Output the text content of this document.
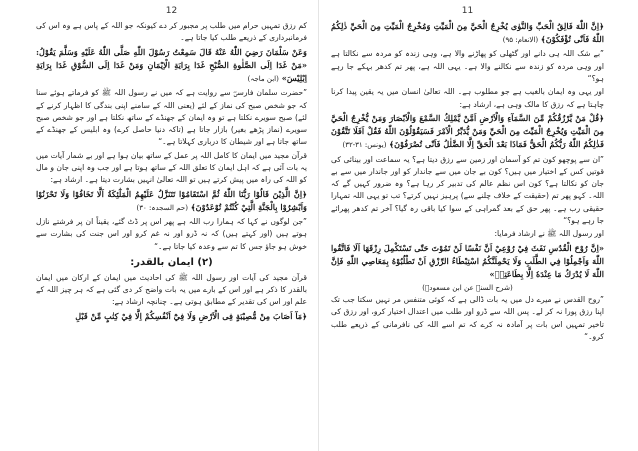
12
کم رزق تمہیں حرام میں طلب پر مجبور کر دے کیونکہ جو اللہ کے پاس ہے وہ اس کی فرمانبرداری کے ذریعے طلب کیا جاتا ہے۔
وَعَنْ سَلْمَانَ رَضِيَ اللّٰهُ عَنْهُ قَالَ سَمِعْتُ رَسُوْلَ اللّٰهِ صَلَّى اللّٰهُ عَلَيْهِ وَسَلَّمَ يَقُوْلُ: «مَنْ غَدَا اِلَى الصَّلٰوةِ الصُّبْحِ غَدَا بِرَايَةِ الْاِيْمَانِ وَمَنْ غَدَا اِلَى السُّوْقِ غَدَا بِرَايَةِ اِبْلِيْسَ» (ابن ماجہ)
”حضرت سلمان فارسیؓ سے روایت ہے کہ میں نے رسول اللہ ﷺ کو فرماتے ہوئے سنا کہ جو شخص صبح کی نماز کے لئے (یعنی اللہ کے سامنے اپنی بندگی کا اظہار کرنے کے لئے) صبح سویرے نکلتا ہے تو وہ ایمان کے جھنڈے کے ساتھ نکلتا ہے اور جو شخص صبح سویرے (نماز پڑھے بغیر) بازار جاتا ہے (تاکہ دنیا حاصل کرے) وہ ابلیس کے جھنڈے کے ساتھ جاتا ہے اور شیطان کا درباری کہلاتا ہے۔“
قرآن مجید میں ایمان کا کامل اللہ پر عمل کے ساتھ بیان ہوا ہے اور بے شمار آیات میں یہ بات آئی ہے کہ اہل ایمان کا تعلق اللہ کے ساتھ ہوتا ہے اور جب وہ اپنی جان و مال کو اللہ کی راہ میں پیش کرتے ہیں تو اللہ تعالیٰ انہیں بشارت دیتا ہے۔ ارشاد ہے:
﴿اِنَّ الَّذِيْنَ قَالُوْا رَبُّنَا اللّٰهُ ثُمَّ اسْتَقَامُوْا تَتَنَزَّلُ عَلَيْهِمُ الْمَلٰٓئِكَةُ اَلَّا تَخَافُوْا وَلَا تَحْزَنُوْا وَاَبْشِرُوْا بِالْجَنَّةِ الَّتِيْ كُنْتُمْ تُوْعَدُوْنَ﴾ (حم السجدہ: ۳۰)
”جن لوگوں نے کہا کہ ہمارا رب اللہ ہے پھر اس پر ڈٹ گئے، یقیناً ان پر فرشتے نازل ہوتے ہیں (اور کہتے ہیں) کہ نہ ڈرو اور نہ غم کرو اور اس جنت کی بشارت سے خوش ہو جاؤ جس کا تم سے وعدہ کیا جاتا ہے۔“
(۲) ایمان بالقدر:
قرآن مجید کی آیات اور رسول اللہ ﷺ کی احادیث میں ایمان کے ارکان میں ایمان بالقدر کا ذکر ہے اور اس کے بارے میں یہ بات واضح کر دی گئی ہے کہ ہر چیز اللہ کے علم اور اس کی تقدیر کے مطابق ہوتی ہے۔ چنانچہ ارشاد ہے:
﴿مَآ اَصَابَ مِنْ مُّصِيْبَةٍ فِى الْاَرْضِ وَلَا فِيْٓ اَنْفُسِكُمْ اِلَّا فِيْ كِتٰبٍ مِّنْ قَبْلِ
11
﴿اِنَّ اللّٰهَ فَالِقُ الْحَبِّ وَالنَّوٰى يُخْرِجُ الْحَيَّ مِنَ الْمَيِّتِ وَمُخْرِجُ الْمَيِّتِ مِنَ الْحَيِّ ذٰلِكُمُ اللّٰهُ فَاَنّٰى تُؤْفَكُوْنَ﴾ (الانعام: ۹۵)
”بے شک اللہ ہی دانے اور گٹھلی کو پھاڑنے والا ہے، وہی زندہ کو مردہ سے نکالتا ہے اور وہی مردہ کو زندہ سے نکالنے والا ہے۔ یہی اللہ ہے، پھر تم کدھر بہکے جا رہے ہو؟“
اور یہی وہ ایمان بالغیب ہے جو مطلوب ہے۔ اللہ تعالیٰ انسان میں یہ یقین پیدا کرنا چاہتا ہے کہ رزق کا مالک وہی ہے، ارشاد ہے:
﴿قُلْ مَنْ يَّرْزُقُكُمْ مِّنَ السَّمَآءِ وَالْاَرْضِ اَمَّنْ يَّمْلِكُ السَّمْعَ وَالْاَبْصَارَ وَمَنْ يُّخْرِجُ الْحَيَّ مِنَ الْمَيِّتِ وَيُخْرِجُ الْمَيِّتَ مِنَ الْحَيِّ وَمَنْ يُّدَبِّرُ الْاَمْرَ فَسَيَقُوْلُوْنَ اللّٰهُ فَقُلْ اَفَلَا تَتَّقُوْنَ فَذٰلِكُمُ اللّٰهُ رَبُّكُمُ الْحَقُّ فَمَاذَا بَعْدَ الْحَقِّ اِلَّا الضَّلٰلُ فَاَنّٰى تُصْرَفُوْنَ﴾ (یونس: ۳۱-۳۲)
”ان سے پوچھو کون تم کو آسمان اور زمین سے رزق دیتا ہے؟ یہ سماعت اور بینائی کی قوتیں کس کے اختیار میں ہیں؟ کون بے جان میں سے جاندار کو اور جاندار میں سے بے جان کو نکالتا ہے؟ کون اس نظم عالم کی تدبیر کر رہا ہے؟ وہ ضرور کہیں گے کہ اللہ۔ کہو پھر تم (حقیقت کے خلاف چلنے سے) پرہیز نہیں کرتے؟ تب تو یہی اللہ تمہارا حقیقی رب ہے۔ پھر حق کے بعد گمراہی کے سوا کیا باقی رہ گیا؟ آخر تم کدھر پھرائے جا رہے ہو؟“
اور رسول اللہ ﷺ نے ارشاد فرمایا:
«اِنَّ رُوْحَ الْقُدُسِ نَفَثَ فِيْ رُوْعِيْ اَنَّ نَفْسًا لَنْ تَمُوْتَ حَتّٰى تَسْتَكْمِلَ رِزْقَهَا اَلَا فَاتَّقُوا اللّٰهَ وَاَجْمِلُوْا فِي الطَّلَبِ وَلَا يَحْمِلَنَّكُمُ اسْتِبْطَاءُ الرِّزْقِ اَنْ تَطْلُبُوْهُ بِمَعَاصِي اللّٰهِ فَاِنَّ اللّٰهَ لَا يُدْرَكُ مَا عِنْدَهٗ اِلَّا بِطَاعَتِهٖ»
(شرح السنہ عن ابن مسعودؓ)
”روح القدس نے میرے دل میں یہ بات ڈالی ہے کہ کوئی متنفس مر نہیں سکتا جب تک اپنا رزق پورا نہ کر لے۔ پس اللہ سے ڈرو اور طلب میں اعتدال اختیار کرو، اور رزق کی تاخیر تمہیں اس بات پر آمادہ نہ کرے کہ تم اسے اللہ کی نافرمانی کے ذریعے طلب کرو۔“
